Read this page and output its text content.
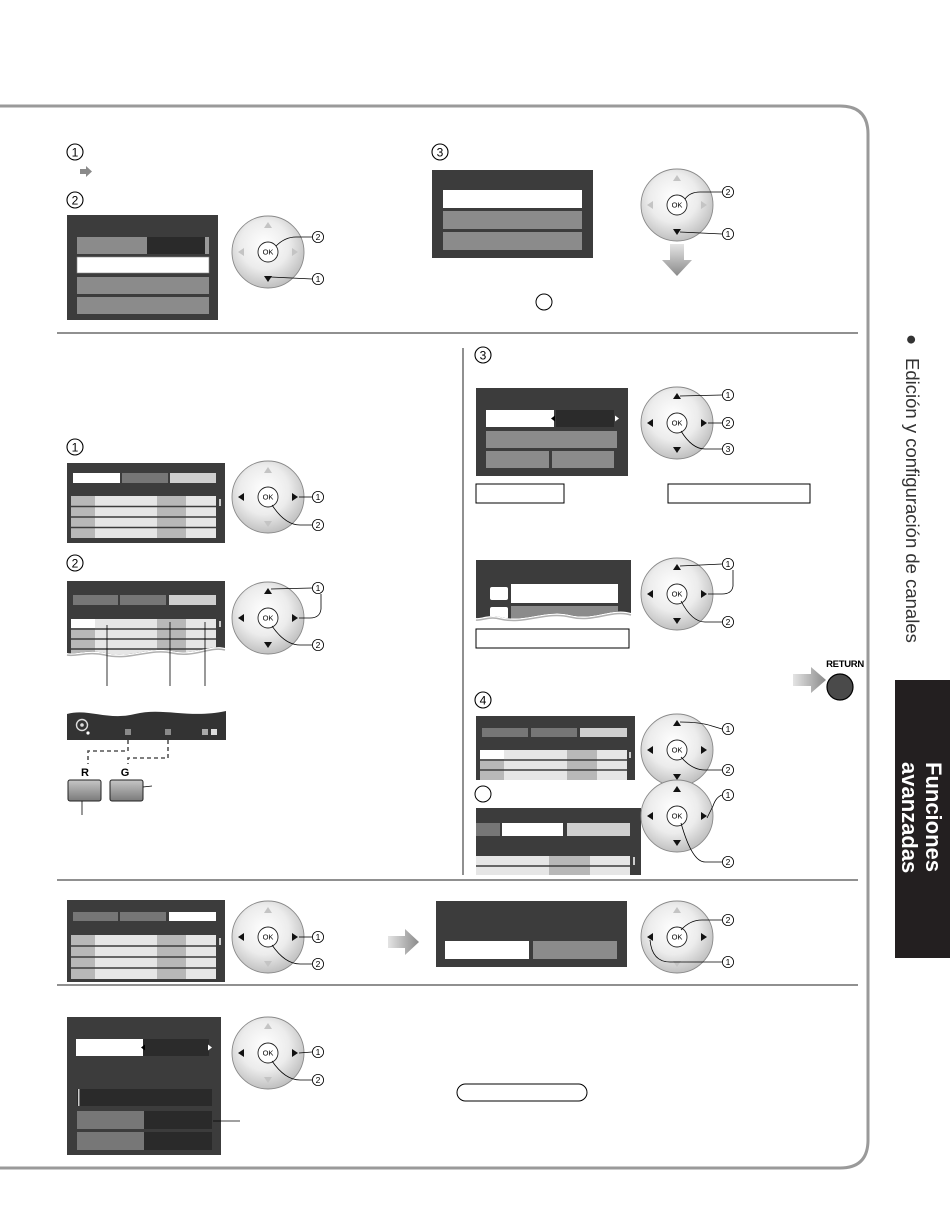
1
2
3
OK
OK
1
2
R	G
OK
OK
3
RETURN
4
OK
OK
OK
OK
OK	OK
OK
2
1
2
1
1
2
1
2
1
2
3
1
2
1
2
1
2
1
2
2
1
1
2
●
Edición y configuración de canales
Funciones
avanzadas
